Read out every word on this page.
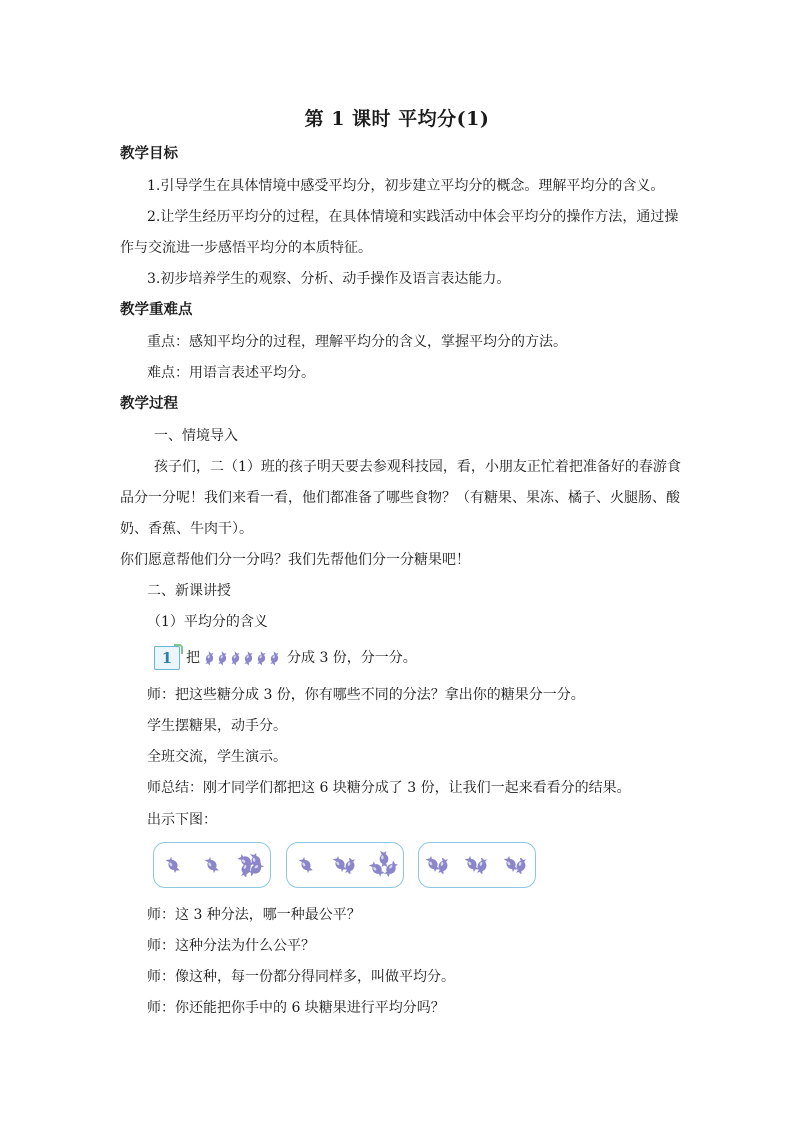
第 1 课时 平均分(1)
教学目标
1.引导学生在具体情境中感受平均分，初步建立平均分的概念。理解平均分的含义。
2.让学生经历平均分的过程，在具体情境和实践活动中体会平均分的操作方法，通过操
作与交流进一步感悟平均分的本质特征。
3.初步培养学生的观察、分析、动手操作及语言表达能力。
教学重难点
重点：感知平均分的过程，理解平均分的含义，掌握平均分的方法。
难点：用语言表述平均分。
教学过程
一、情境导入
孩子们，二（1）班的孩子明天要去参观科技园，看，小朋友正忙着把准备好的春游食
品分一分呢！我们来看一看，他们都准备了哪些食物？（有糖果、果冻、橘子、火腿肠、酸
奶、香蕉、牛肉干）。
你们愿意帮他们分一分吗？我们先帮他们分一分糖果吧！
二、新课讲授
（1）平均分的含义
1 把	分成 3 份，分一分。
师：把这些糖分成 3 份，你有哪些不同的分法？拿出你的糖果分一分。
学生摆糖果，动手分。
全班交流，学生演示。
师总结：刚才同学们都把这 6 块糖分成了 3 份，让我们一起来看看分的结果。
出示下图：
师：这 3 种分法，哪一种最公平？
师：这种分法为什么公平？
师：像这种，每一份都分得同样多，叫做平均分。
师：你还能把你手中的 6 块糖果进行平均分吗？
